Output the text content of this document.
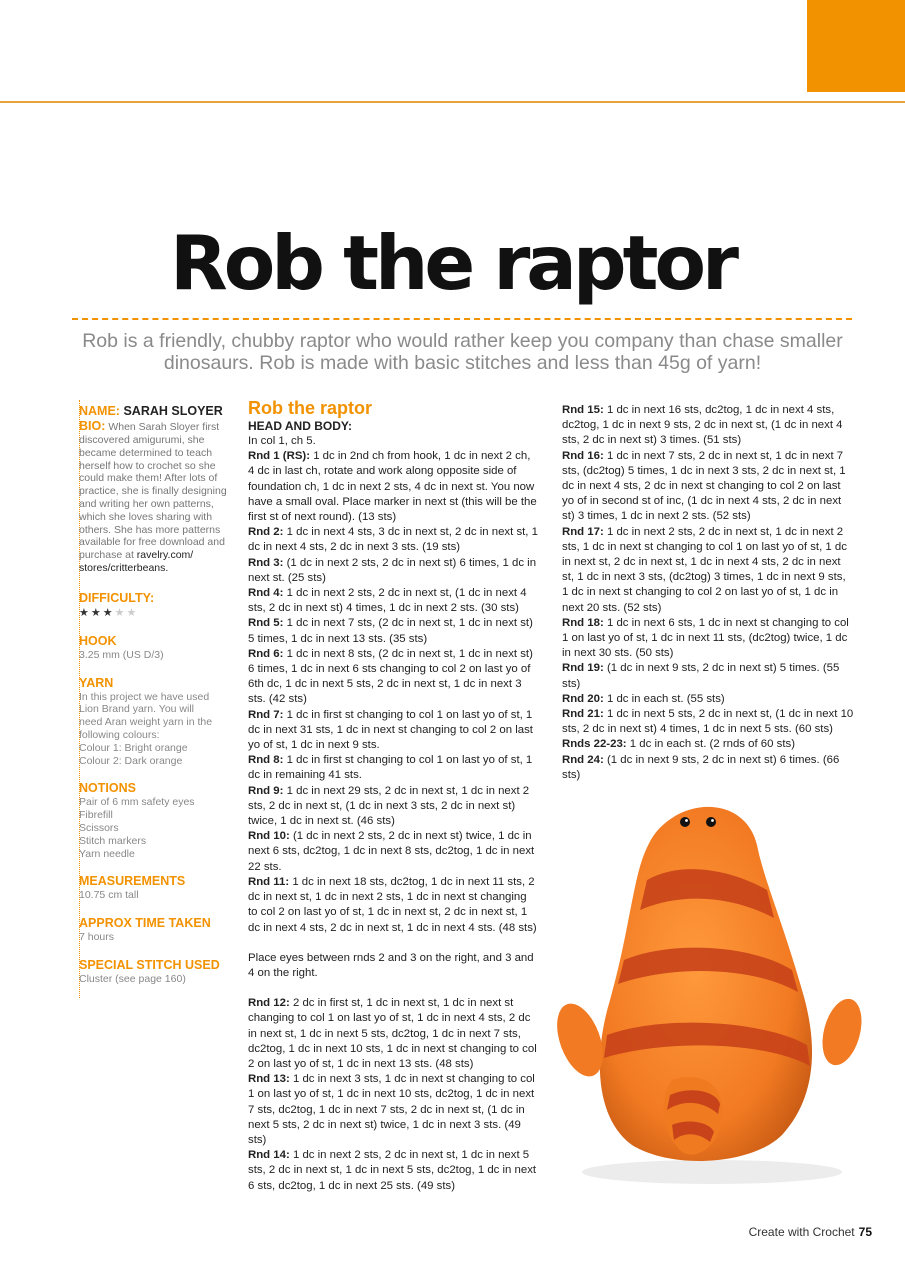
Rob the raptor
Rob is a friendly, chubby raptor who would rather keep you company than chase smaller dinosaurs. Rob is made with basic stitches and less than 45g of yarn!

NAME: SARAH SLOYER

BIO: When Sarah Sloyer first discovered amigurumi, she became determined to teach herself how to crochet so she could make them! After lots of practice, she is finally designing and writing her own patterns, which she loves sharing with others. She has more patterns available for free download and purchase at ravelry.com/ stores/critterbeans.

DIFFICULTY:

★★★★★

HOOK

3.25 mm (US D/3)

YARN

In this project we have used

Lion Brand yarn. You will

need Aran weight yarn in the

following colours:

Colour 1: Bright orange

Colour 2: Dark orange

NOTIONS

Pair of 6 mm safety eyes

Fibrefill

Scissors

Stitch markers

Yarn needle

MEASUREMENTS

10.75 cm tall

APPROX TIME TAKEN

7 hours

SPECIAL STITCH USED

Cluster (see page 160)

Rob the raptor

HEAD AND BODY:

In col 1, ch 5.

Rnd 1 (RS): 1 dc in 2nd ch from hook, 1 dc in next 2 ch, 4 dc in last ch, rotate and work along opposite side of foundation ch, 1 dc in next 2 sts, 4 dc in next st. You now have a small oval. Place marker in next st (this will be the first st of next round). (13 sts)

Rnd 2: 1 dc in next 4 sts, 3 dc in next st, 2 dc in next st, 1 dc in next 4 sts, 2 dc in next 3 sts. (19 sts)

Rnd 3: (1 dc in next 2 sts, 2 dc in next st) 6 times, 1 dc in next st. (25 sts)

Rnd 4: 1 dc in next 2 sts, 2 dc in next st, (1 dc in next 4 sts, 2 dc in next st) 4 times, 1 dc in next 2 sts. (30 sts)

Rnd 5: 1 dc in next 7 sts, (2 dc in next st, 1 dc in next st) 5 times, 1 dc in next 13 sts. (35 sts)

Rnd 6: 1 dc in next 8 sts, (2 dc in next st, 1 dc in next st) 6 times, 1 dc in next 6 sts changing to col 2 on last yo of 6th dc, 1 dc in next 5 sts, 2 dc in next st, 1 dc in next 3 sts. (42 sts)

Rnd 7: 1 dc in first st changing to col 1 on last yo of st, 1 dc in next 31 sts, 1 dc in next st changing to col 2 on last yo of st, 1 dc in next 9 sts.

Rnd 8: 1 dc in first st changing to col 1 on last yo of st, 1 dc in remaining 41 sts.

Rnd 9: 1 dc in next 29 sts, 2 dc in next st, 1 dc in next 2 sts, 2 dc in next st, (1 dc in next 3 sts, 2 dc in next st) twice, 1 dc in next st. (46 sts)

Rnd 10: (1 dc in next 2 sts, 2 dc in next st) twice, 1 dc in next 6 sts, dc2tog, 1 dc in next 8 sts, dc2tog, 1 dc in next 22 sts.

Rnd 11: 1 dc in next 18 sts, dc2tog, 1 dc in next 11 sts, 2 dc in next st, 1 dc in next 2 sts, 1 dc in next st changing to col 2 on last yo of st, 1 dc in next st, 2 dc in next st, 1 dc in next 4 sts, 2 dc in next st, 1 dc in next 4 sts. (48 sts)

Place eyes between rnds 2 and 3 on the right, and 3 and 4 on the right.

Rnd 12: 2 dc in first st, 1 dc in next st, 1 dc in next st changing to col 1 on last yo of st, 1 dc in next 4 sts, 2 dc in next st, 1 dc in next 5 sts, dc2tog, 1 dc in next 7 sts, dc2tog, 1 dc in next 10 sts, 1 dc in next st changing to col 2 on last yo of st, 1 dc in next 13 sts. (48 sts)

Rnd 13: 1 dc in next 3 sts, 1 dc in next st changing to col 1 on last yo of st, 1 dc in next 10 sts, dc2tog, 1 dc in next 7 sts, dc2tog, 1 dc in next 7 sts, 2 dc in next st, (1 dc in next 5 sts, 2 dc in next st) twice, 1 dc in next 3 sts. (49 sts)

Rnd 14: 1 dc in next 2 sts, 2 dc in next st, 1 dc in next 5 sts, 2 dc in next st, 1 dc in next 5 sts, dc2tog, 1 dc in next 6 sts, dc2tog, 1 dc in next 25 sts. (49 sts)

Rnd 15: 1 dc in next 16 sts, dc2tog, 1 dc in next 4 sts, dc2tog, 1 dc in next 9 sts, 2 dc in next st, (1 dc in next 4 sts, 2 dc in next st) 3 times. (51 sts)

Rnd 16: 1 dc in next 7 sts, 2 dc in next st, 1 dc in next 7 sts, (dc2tog) 5 times, 1 dc in next 3 sts, 2 dc in next st, 1 dc in next 4 sts, 2 dc in next st changing to col 2 on last yo of in second st of inc, (1 dc in next 4 sts, 2 dc in next st) 3 times, 1 dc in next 2 sts. (52 sts)

Rnd 17: 1 dc in next 2 sts, 2 dc in next st, 1 dc in next 2 sts, 1 dc in next st changing to col 1 on last yo of st, 1 dc in next st, 2 dc in next st, 1 dc in next 4 sts, 2 dc in next st, 1 dc in next 3 sts, (dc2tog) 3 times, 1 dc in next 9 sts, 1 dc in next st changing to col 2 on last yo of st, 1 dc in next 20 sts. (52 sts)

Rnd 18: 1 dc in next 6 sts, 1 dc in next st changing to col 1 on last yo of st, 1 dc in next 11 sts, (dc2tog) twice, 1 dc in next 30 sts. (50 sts)

Rnd 19: (1 dc in next 9 sts, 2 dc in next st) 5 times. (55 sts)

Rnd 20: 1 dc in each st. (55 sts)

Rnd 21: 1 dc in next 5 sts, 2 dc in next st, (1 dc in next 10 sts, 2 dc in next st) 4 times, 1 dc in next 5 sts. (60 sts)

Rnds 22-23: 1 dc in each st. (2 rnds of 60 sts)

Rnd 24: (1 dc in next 9 sts, 2 dc in next st) 6 times. (66 sts)

Create with Crochet 75
